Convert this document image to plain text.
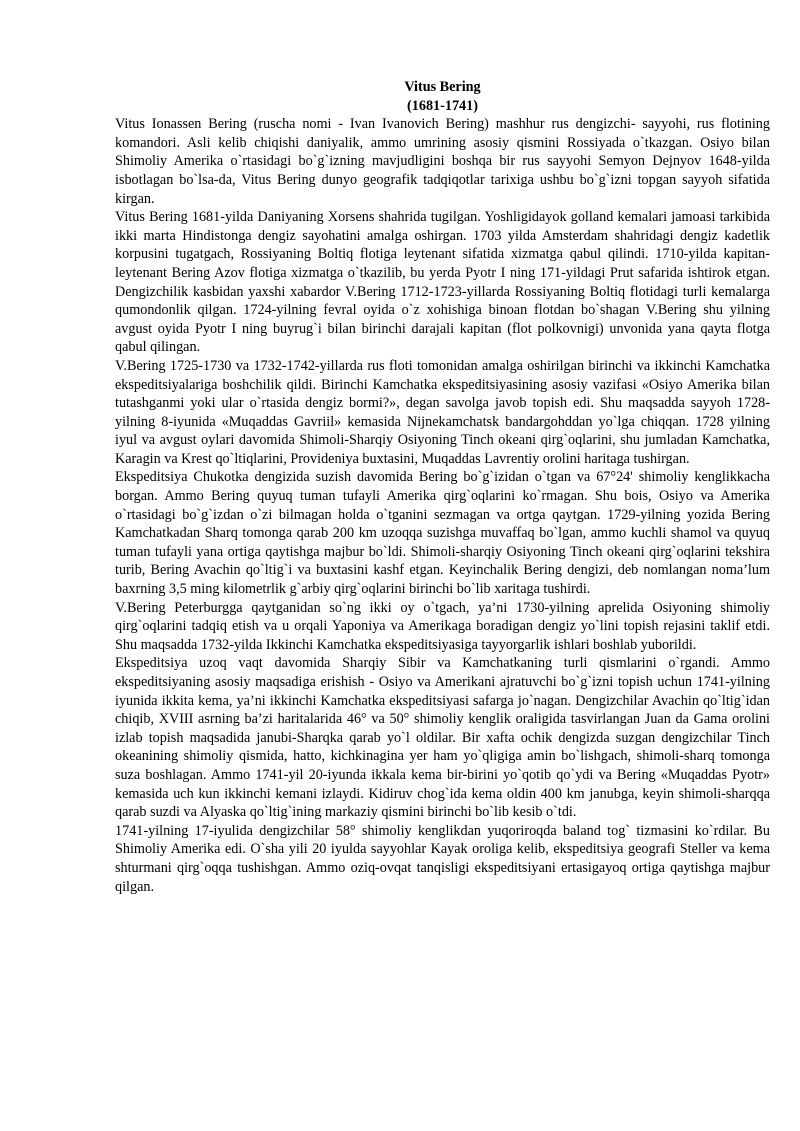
Vitus Bering

(1681-1741)

Vitus Ionassen Bering (ruscha nomi - Ivan Ivanovich Bering) mashhur rus dengizchi- sayyohi, rus flotining komandori. Asli kelib chiqishi daniyalik, ammo umrining asosiy qismini Rossiyada o`tkazgan. Osiyo bilan Shimoliy Amerika o`rtasidagi bo`g`izning mavjudligini boshqa bir rus sayyohi Semyon Dejnyov 1648-yilda isbotlagan bo`lsa-da, Vitus Bering dunyo geografik tadqiqotlar tarixiga ushbu bo`g`izni topgan sayyoh sifatida kirgan.

Vitus Bering 1681-yilda Daniyaning Xorsens shahrida tugilgan. Yoshligidayok golland kemalari jamoasi tarkibida ikki marta Hindistonga dengiz sayohatini amalga oshirgan. 1703 yilda Amsterdam shahridagi dengiz kadetlik korpusini tugatgach, Rossiyaning Boltiq flotiga leytenant sifatida xizmatga qabul qilindi. 1710-yilda kapitan-leytenant Bering Azov flotiga xizmatga o`tkazilib, bu yerda Pyotr I ning 171-yildagi Prut safarida ishtirok etgan. Dengizchilik kasbidan yaxshi xabardor V.Bering 1712-1723-yillarda Rossiyaning Boltiq flotidagi turli kemalarga qumondonlik qilgan. 1724-yilning fevral oyida o`z xohishiga binoan flotdan bo`shagan V.Bering shu yilning avgust oyida Pyotr I ning buyrug`i bilan birinchi darajali kapitan (flot polkovnigi) unvonida yana qayta flotga qabul qilingan.

V.Bering 1725-1730 va 1732-1742-yillarda rus floti tomonidan amalga oshirilgan birinchi va ikkinchi Kamchatka ekspeditsiyalariga boshchilik qildi. Birinchi Kamchatka ekspeditsiyasining asosiy vazifasi «Osiyo Amerika bilan tutashganmi yoki ular o`rtasida dengiz bormi?», degan savolga javob topish edi. Shu maqsadda sayyoh 1728-yilning 8-iyunida «Muqaddas Gavriil» kemasida Nijnekamchatsk bandargohddan yo`lga chiqqan. 1728 yilning iyul va avgust oylari davomida Shimoli-Sharqiy Osiyoning Tinch okeani qirg`oqlarini, shu jumladan Kamchatka, Karagin va Krest qo`ltiqlarini, Provideniya buxtasini, Muqaddas Lavrentiy orolini haritaga tushirgan.

Ekspeditsiya Chukotka dengizida suzish davomida Bering bo`g`izidan o`tgan va 67°24' shimoliy kenglikkacha borgan. Ammo Bering quyuq tuman tufayli Amerika qirg`oqlarini ko`rmagan. Shu bois, Osiyo va Amerika o`rtasidagi bo`g`izdan o`zi bilmagan holda o`tganini sezmagan va ortga qaytgan. 1729-yilning yozida Bering Kamchatkadan Sharq tomonga qarab 200 km uzoqqa suzishga muvaffaq bo`lgan, ammo kuchli shamol va quyuq tuman tufayli yana ortiga qaytishga majbur bo`ldi. Shimoli-sharqiy Osiyoning Tinch okeani qirg`oqlarini tekshira turib, Bering Avachin qo`ltig`i va buxtasini kashf etgan. Keyinchalik Bering dengizi, deb nomlangan noma’lum baxrning 3,5 ming kilometrlik g`arbiy qirg`oqlarini birinchi bo`lib xaritaga tushirdi.

V.Bering Peterburgga qaytganidan so`ng ikki oy o`tgach, ya’ni 1730-yilning aprelida Osiyoning shimoliy qirg`oqlarini tadqiq etish va u orqali Yaponiya va Amerikaga boradigan dengiz yo`lini topish rejasini taklif etdi. Shu maqsadda 1732-yilda Ikkinchi Kamchatka ekspeditsiyasiga tayyorgarlik ishlari boshlab yuborildi.

Ekspeditsiya uzoq vaqt davomida Sharqiy Sibir va Kamchatkaning turli qismlarini o`rgandi. Ammo ekspeditsiyaning asosiy maqsadiga erishish - Osiyo va Amerikani ajratuvchi bo`g`izni topish uchun 1741-yilning iyunida ikkita kema, ya’ni ikkinchi Kamchatka ekspeditsiyasi safarga jo`nagan. Dengizchilar Avachin qo`ltig`idan chiqib, XVIII asrning ba’zi haritalarida 46° va 50° shimoliy kenglik oraligida tasvirlangan Juan da Gama orolini izlab topish maqsadida janubi-Sharqka qarab yo`l oldilar. Bir xafta ochik dengizda suzgan dengizchilar Tinch okeanining shimoliy qismida, hatto, kichkinagina yer ham yo`qligiga amin bo`lishgach, shimoli-sharq tomonga suza boshlagan. Ammo 1741-yil 20-iyunda ikkala kema bir-birini yo`qotib qo`ydi va Bering «Muqaddas Pyotr» kemasida uch kun ikkinchi kemani izlaydi. Kidiruv chog`ida kema oldin 400 km janubga, keyin shimoli-sharqqa qarab suzdi va Alyaska qo`ltig`ining markaziy qismini birinchi bo`lib kesib o`tdi.

1741-yilning 17-iyulida dengizchilar 58° shimoliy kenglikdan yuqoriroqda baland tog` tizmasini ko`rdilar. Bu Shimoliy Amerika edi. O`sha yili 20 iyulda sayyohlar Kayak oroliga kelib, ekspeditsiya geografi Steller va kema shturmani qirg`oqqa tushishgan. Ammo oziq-ovqat tanqisligi ekspeditsiyani ertasigayoq ortiga qaytishga majbur qilgan.
